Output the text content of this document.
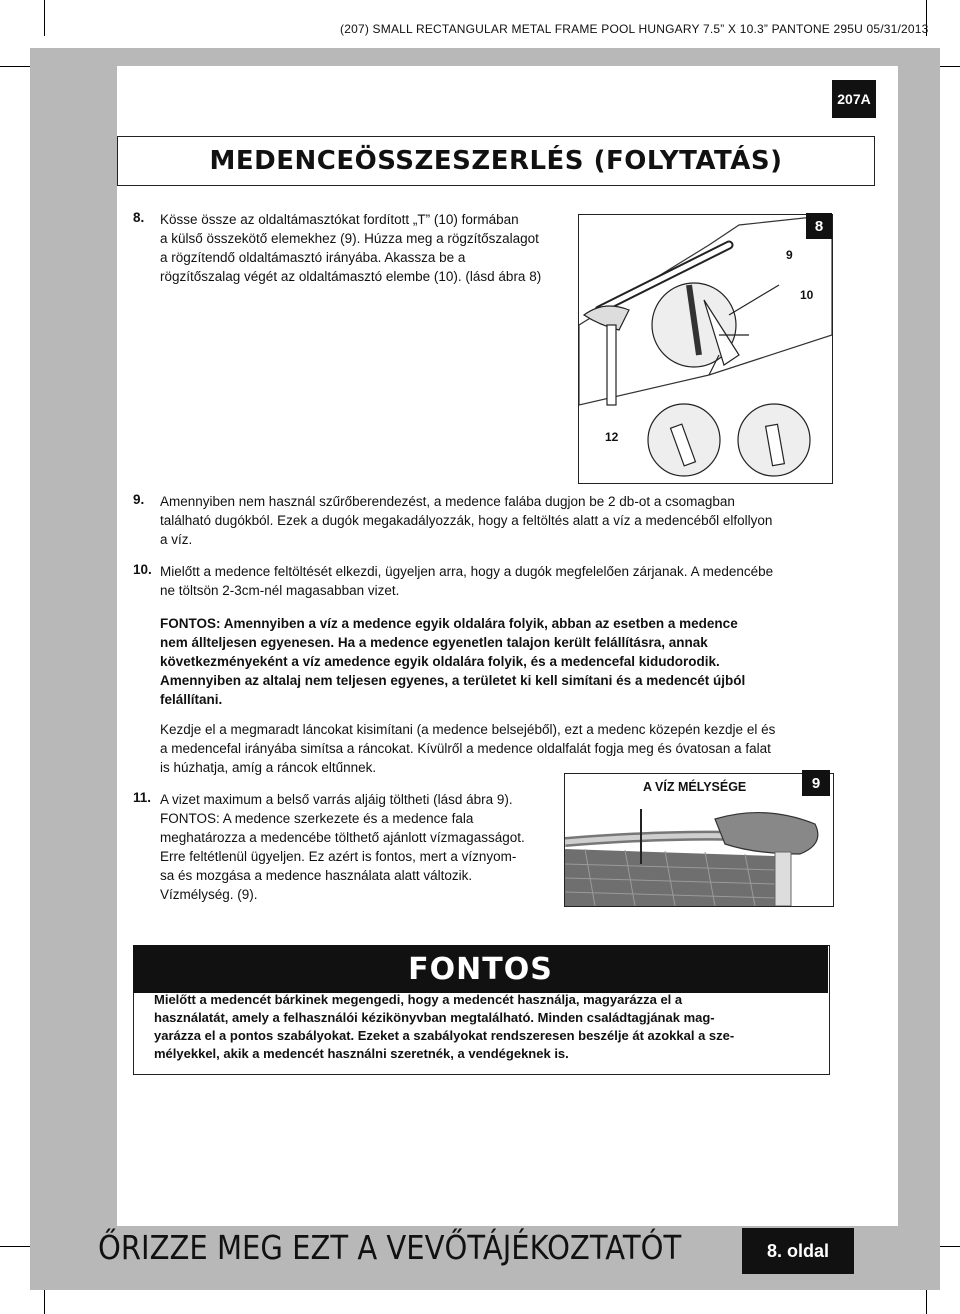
(207) SMALL RECTANGULAR METAL FRAME POOL HUNGARY 7.5” X 10.3” PANTONE 295U 05/31/2013
HU	207A
MEDENCEÖSSZESZERLÉS (FOLYTATÁS)
8. Kösse össze az oldaltámasztókat fordított „T” (10) formában
a külső összekötő elemekhez (9). Húzza meg a rögzítőszalagot
a rögzítendő oldaltámasztó irányába. Akassza be a
rögzítőszalag végét az oldaltámasztó elembe (10). (lásd ábra 8)
8
9
10
12
9. Amennyiben nem használ szűrőberendezést, a medence falába dugjon be 2 db-ot a csomagban
található dugókból. Ezek a dugók megakadályozzák, hogy a feltöltés alatt a víz a medencéből elfollyon
a víz.
10. Mielőtt a medence feltöltését elkezdi, ügyeljen arra, hogy a dugók megfelelően zárjanak. A medencébe
ne töltsön 2-3cm-nél magasabban vizet.
FONTOS: Amennyiben a víz a medence egyik oldalára folyik, abban az esetben a medence
nem állteljesen egyenesen. Ha a medence egyenetlen talajon került felállításra, annak
következményeként a víz amedence egyik oldalára folyik, és a medencefal kidudorodik.
Amennyiben az altalaj nem teljesen egyenes, a területet ki kell simítani és a medencét újból
felállítani.
Kezdje el a megmaradt láncokat kisimítani (a medence belsejéből), ezt a medenc közepén kezdje el és
a medencefal irányába simítsa a ráncokat. Kívülről a medence oldalfalát fogja meg és óvatosan a falat
is húzhatja, amíg a ráncok eltűnnek.
11. A vizet maximum a belső varrás aljáig töltheti (lásd ábra 9).
FONTOS: A medence szerkezete és a medence fala
meghatározza a medencébe tölthető ajánlott vízmagasságot.
Erre feltétlenül ügyeljen. Ez azért is fontos, mert a víznyom-
sa és mozgása a medence használata alatt változik.
Vízmélység. (9).
A VÍZ MÉLYSÉGE	9
FONTOS
Mielőtt a medencét bárkinek megengedi, hogy a medencét használja, magyarázza el a
használatát, amely a felhasználói kézikönyvban megtalálható. Minden családtagjának mag-
yarázza el a pontos szabályokat. Ezeket a szabályokat rendszeresen beszélje át azokkal a sze-
mélyekkel, akik a medencét használni szeretnék, a vendégeknek is.
ŐRIZZE MEG EZT A VEVŐTÁJÉKOZTATÓT	8. oldal
